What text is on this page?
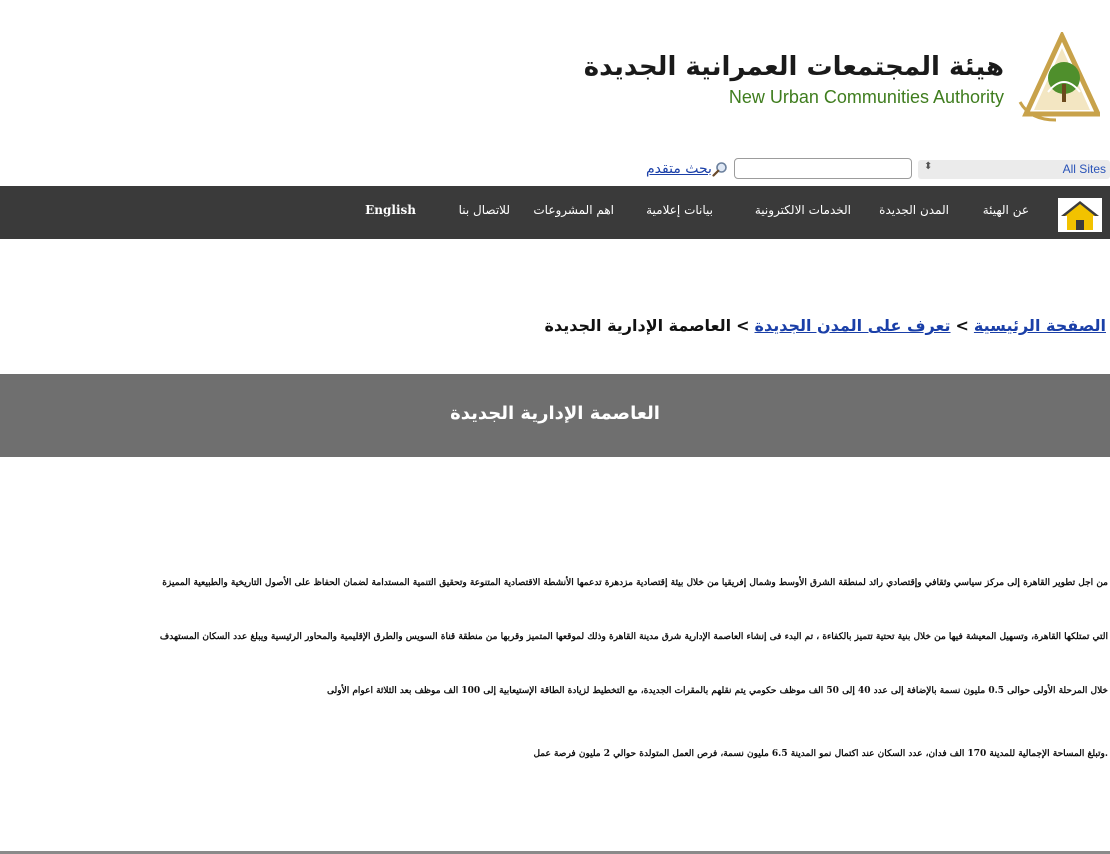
هيئة المجتمعات العمرانية الجديدة
New Urban Communities Authority
بحث متقدم	⬍	All Sites
عن الهيئة
المدن الجديدة
الخدمات الالكترونية
بيانات إعلامية
اهم المشروعات
للاتصال بنا
English
الصفحة الرئيسية>تعرف على المدن الجديدة>العاصمة الإدارية الجديدة
العاصمة الإدارية الجديدة
من اجل تطوير القاهرة إلى مركز سياسي وثقافي وإقتصادي رائد لمنطقة الشرق الأوسط وشمال إفريقيا من خلال بيئة إقتصادية مزدهرة تدعمها الأنشطة الاقتصادية المتنوعة وتحقيق التنمية المستدامة لضمان الحفاظ على الأصول التاريخية والطبيعية المميزة
التي تمتلكها القاهرة، وتسهيل المعيشة فيها من خلال بنية تحتية تتميز بالكفاءة ، تم البدء فى إنشاء العاصمة الإدارية شرق مدينة القاهرة وذلك لموقعها المتميز وقربها من منطقة قناة السويس والطرق الإقليمية والمحاور الرئيسية ويبلغ عدد السكان المستهدف
خلال المرحلة الأولى حوالى 0.5 مليون نسمة بالإضافة إلى عدد 40 إلى 50 الف موظف حكومي يتم نقلهم بالمقرات الجديدة، مع التخطيط لزيادة الطاقة الإستيعابية إلى 100 الف موظف بعد الثلاثة اعوام الأولى
.وتبلغ المساحة الإجمالية للمدينة 170 الف فدان، عدد السكان عند اكتمال نمو المدينة 6.5 مليون نسمة، فرص العمل المتولدة حوالي 2 مليون فرصة عمل
